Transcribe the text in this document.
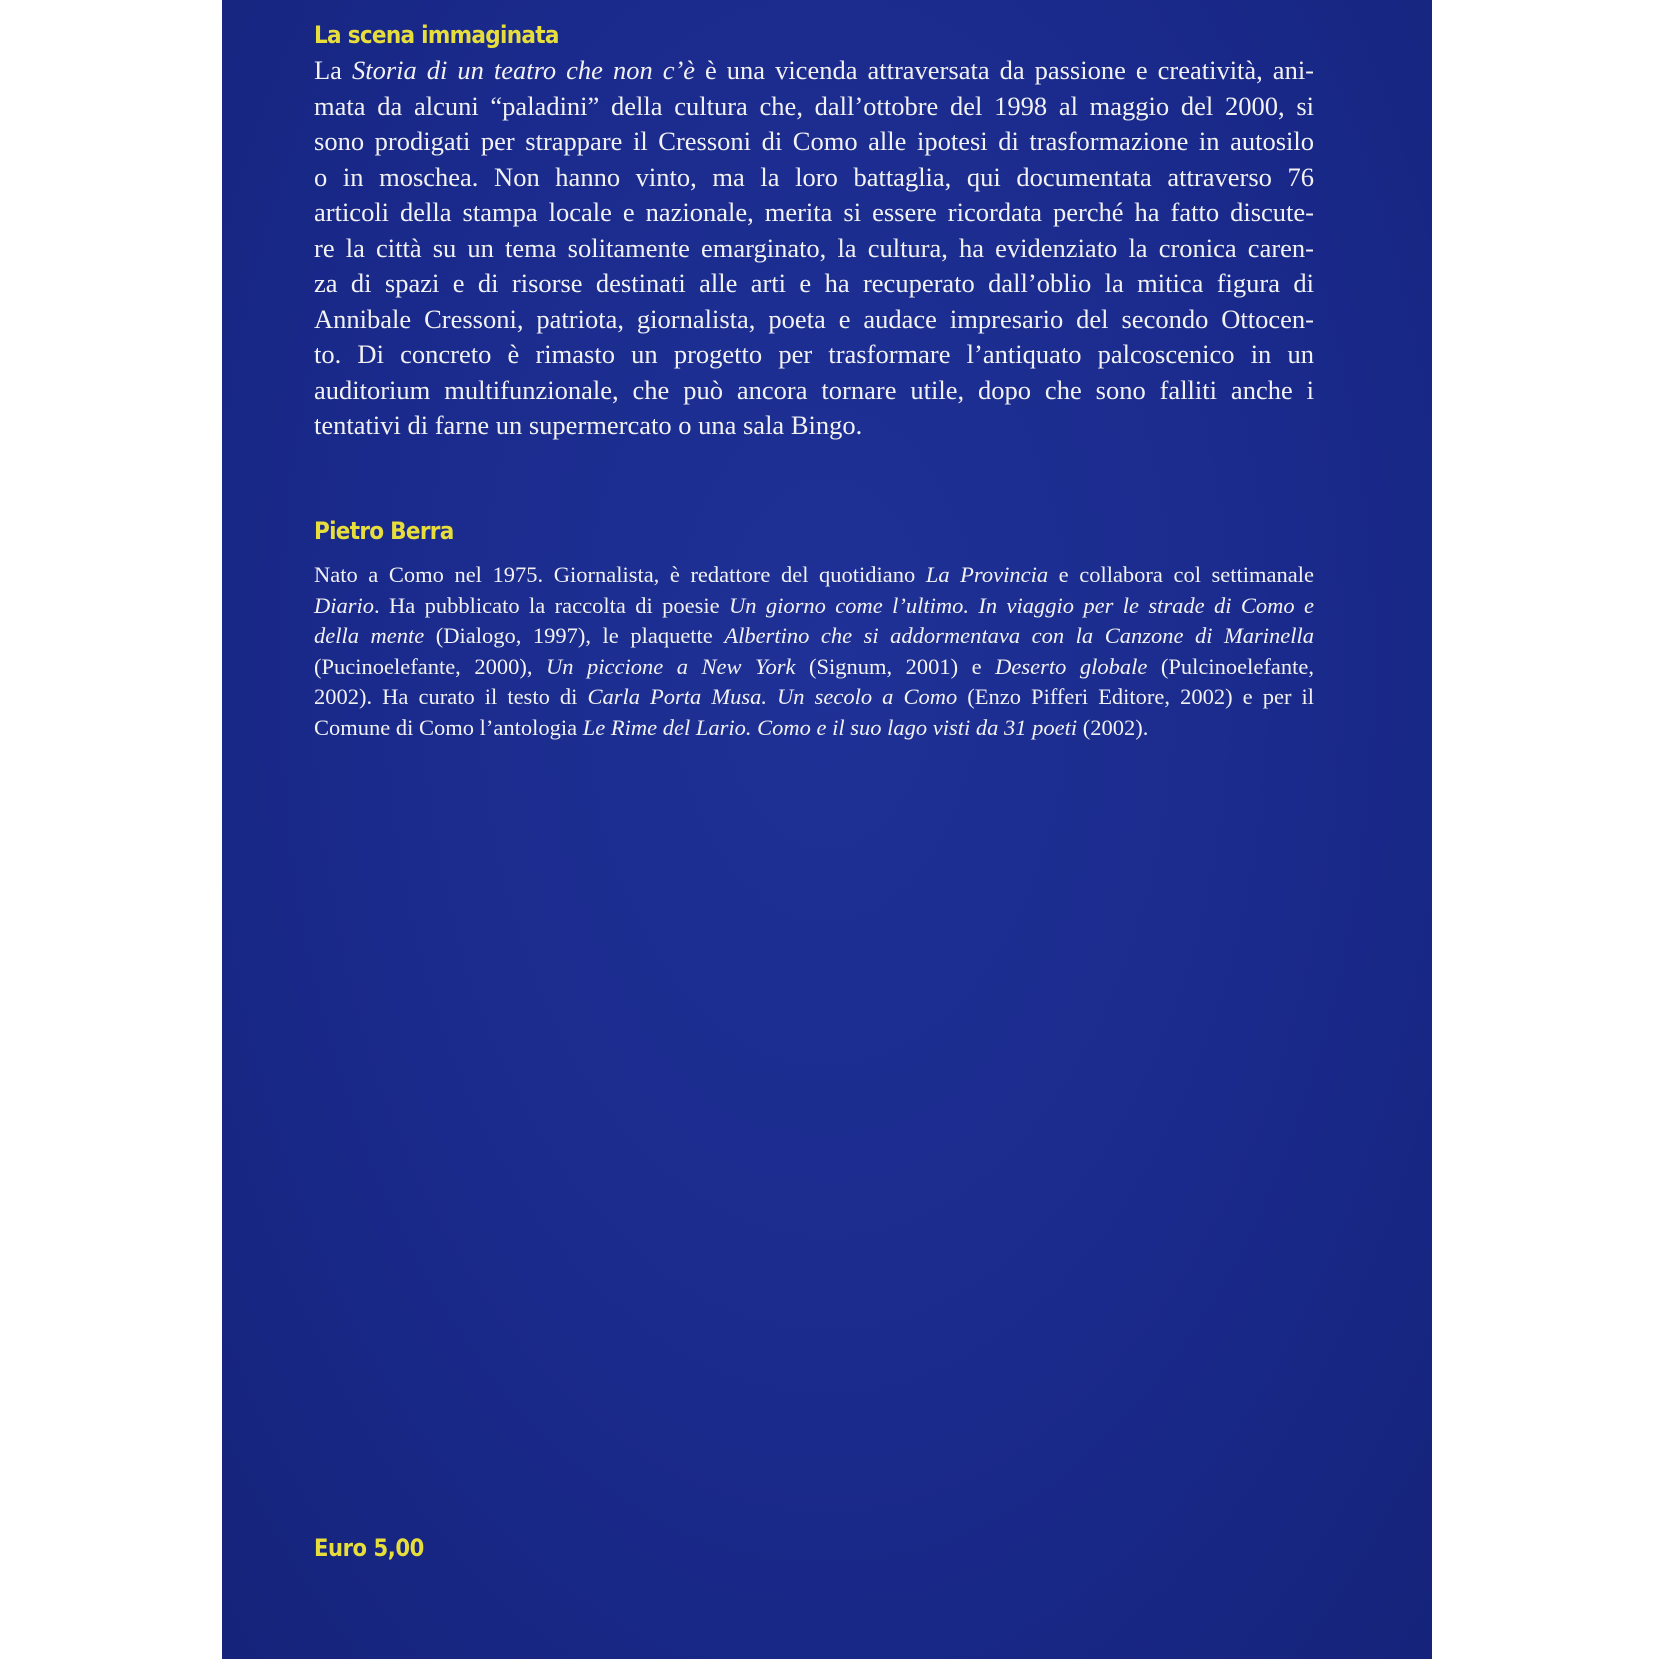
La scena immaginata

La Storia di un teatro che non c’è è una vicenda attraversata da passione e creatività, ani-

mata da alcuni “paladini” della cultura che, dall’ottobre del 1998 al maggio del 2000, si

sono prodigati per strappare il Cressoni di Como alle ipotesi di trasformazione in autosilo

o in moschea. Non hanno vinto, ma la loro battaglia, qui documentata attraverso 76

articoli della stampa locale e nazionale, merita si essere ricordata perché ha fatto discute-

re la città su un tema solitamente emarginato, la cultura, ha evidenziato la cronica caren-

za di spazi e di risorse destinati alle arti e ha recuperato dall’oblio la mitica figura di

Annibale Cressoni, patriota, giornalista, poeta e audace impresario del secondo Ottocen-

to. Di concreto è rimasto un progetto per trasformare l’antiquato palcoscenico in un

auditorium multifunzionale, che può ancora tornare utile, dopo che sono falliti anche i

tentativi di farne un supermercato o una sala Bingo.

Pietro Berra

Nato a Como nel 1975. Giornalista, è redattore del quotidiano La Provincia e collabora col settimanale

Diario. Ha pubblicato la raccolta di poesie Un giorno come l’ultimo. In viaggio per le strade di Como e

della mente (Dialogo, 1997), le plaquette Albertino che si addormentava con la Canzone di Marinella

(Pucinoelefante, 2000), Un piccione a New York (Signum, 2001) e Deserto globale (Pulcinoelefante,

2002). Ha curato il testo di Carla Porta Musa. Un secolo a Como (Enzo Pifferi Editore, 2002) e per il

Comune di Como l’antologia Le Rime del Lario. Como e il suo lago visti da 31 poeti (2002).

Euro 5,00
